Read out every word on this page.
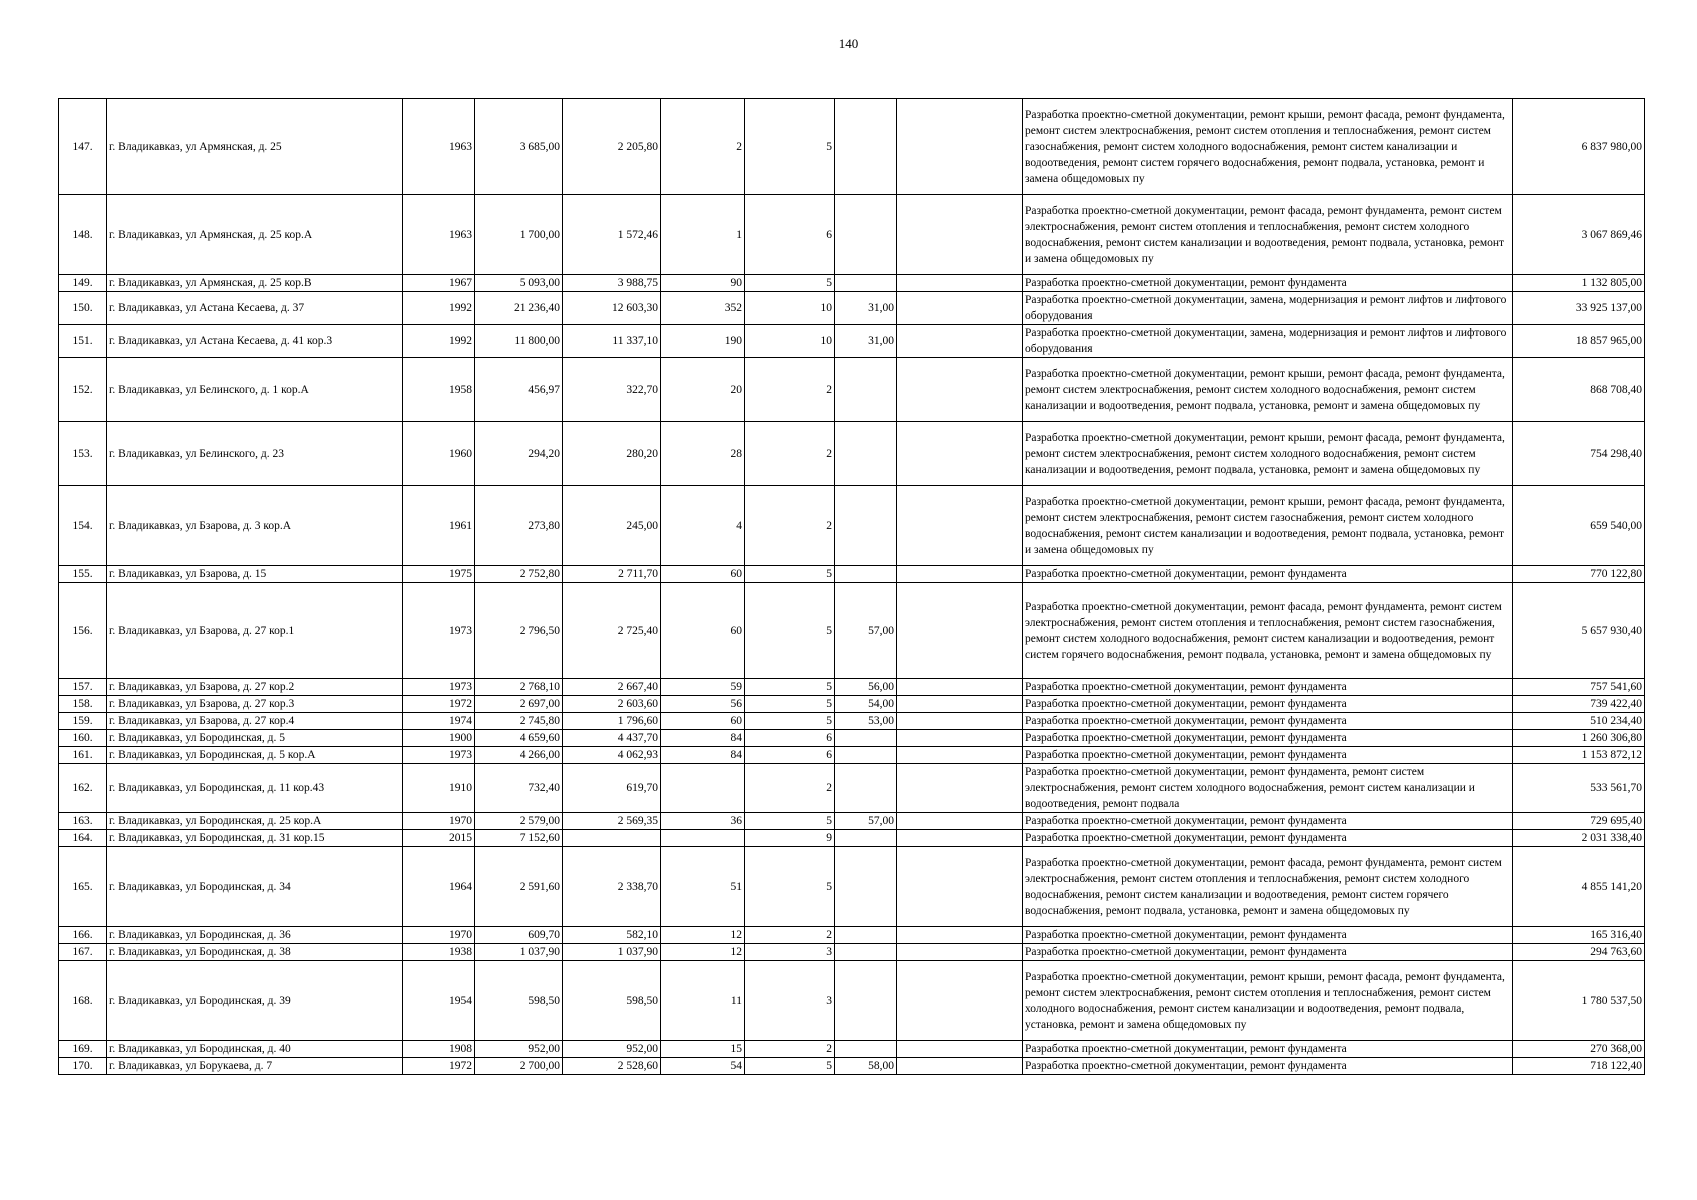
140
147.	г. Владикавказ, ул Армянская, д. 25	1963	3 685,00	2 205,80	2	5			Разработка проектно-сметной документации, ремонт крыши, ремонт фасада, ремонт фундамента, ремонт систем электроснабжения, ремонт систем отопления и теплоснабжения, ремонт систем газоснабжения, ремонт систем холодного водоснабжения, ремонт систем канализации и водоотведения, ремонт систем горячего водоснабжения, ремонт подвала, установка, ремонт и замена общедомовых пу	6 837 980,00
148.	г. Владикавказ, ул Армянская, д. 25 кор.А	1963	1 700,00	1 572,46	1	6			Разработка проектно-сметной документации, ремонт фасада, ремонт фундамента, ремонт систем электроснабжения, ремонт систем отопления и теплоснабжения, ремонт систем холодного водоснабжения, ремонт систем канализации и водоотведения, ремонт подвала, установка, ремонт и замена общедомовых пу	3 067 869,46
149.	г. Владикавказ, ул Армянская, д. 25 кор.В	1967	5 093,00	3 988,75	90	5			Разработка проектно-сметной документации, ремонт фундамента	1 132 805,00
150.	г. Владикавказ, ул Астана Кесаева, д. 37	1992	21 236,40	12 603,30	352	10	31,00		Разработка проектно-сметной документации, замена, модернизация и ремонт лифтов и лифтового оборудования	33 925 137,00
151.	г. Владикавказ, ул Астана Кесаева, д. 41 кор.3	1992	11 800,00	11 337,10	190	10	31,00		Разработка проектно-сметной документации, замена, модернизация и ремонт лифтов и лифтового оборудования	18 857 965,00
152.	г. Владикавказ, ул Белинского, д. 1 кор.А	1958	456,97	322,70	20	2			Разработка проектно-сметной документации, ремонт крыши, ремонт фасада, ремонт фундамента, ремонт систем электроснабжения, ремонт систем холодного водоснабжения, ремонт систем канализации и водоотведения, ремонт подвала, установка, ремонт и замена общедомовых пу	868 708,40
153.	г. Владикавказ, ул Белинского, д. 23	1960	294,20	280,20	28	2			Разработка проектно-сметной документации, ремонт крыши, ремонт фасада, ремонт фундамента, ремонт систем электроснабжения, ремонт систем холодного водоснабжения, ремонт систем канализации и водоотведения, ремонт подвала, установка, ремонт и замена общедомовых пу	754 298,40
154.	г. Владикавказ, ул Бзарова, д. 3 кор.А	1961	273,80	245,00	4	2			Разработка проектно-сметной документации, ремонт крыши, ремонт фасада, ремонт фундамента, ремонт систем электроснабжения, ремонт систем газоснабжения, ремонт систем холодного водоснабжения, ремонт систем канализации и водоотведения, ремонт подвала, установка, ремонт и замена общедомовых пу	659 540,00
155.	г. Владикавказ, ул Бзарова, д. 15	1975	2 752,80	2 711,70	60	5			Разработка проектно-сметной документации, ремонт фундамента	770 122,80
156.	г. Владикавказ, ул Бзарова, д. 27 кор.1	1973	2 796,50	2 725,40	60	5	57,00		Разработка проектно-сметной документации, ремонт фасада, ремонт фундамента, ремонт систем электроснабжения, ремонт систем отопления и теплоснабжения, ремонт систем газоснабжения, ремонт систем холодного водоснабжения, ремонт систем канализации и водоотведения, ремонт систем горячего водоснабжения, ремонт подвала, установка, ремонт и замена общедомовых пу	5 657 930,40
157.	г. Владикавказ, ул Бзарова, д. 27 кор.2	1973	2 768,10	2 667,40	59	5	56,00		Разработка проектно-сметной документации, ремонт фундамента	757 541,60
158.	г. Владикавказ, ул Бзарова, д. 27 кор.3	1972	2 697,00	2 603,60	56	5	54,00		Разработка проектно-сметной документации, ремонт фундамента	739 422,40
159.	г. Владикавказ, ул Бзарова, д. 27 кор.4	1974	2 745,80	1 796,60	60	5	53,00		Разработка проектно-сметной документации, ремонт фундамента	510 234,40
160.	г. Владикавказ, ул Бородинская, д. 5	1900	4 659,60	4 437,70	84	6			Разработка проектно-сметной документации, ремонт фундамента	1 260 306,80
161.	г. Владикавказ, ул Бородинская, д. 5 кор.А	1973	4 266,00	4 062,93	84	6			Разработка проектно-сметной документации, ремонт фундамента	1 153 872,12
162.	г. Владикавказ, ул Бородинская, д. 11 кор.43	1910	732,40	619,70		2			Разработка проектно-сметной документации, ремонт фундамента, ремонт систем электроснабжения, ремонт систем холодного водоснабжения, ремонт систем канализации и водоотведения, ремонт подвала	533 561,70
163.	г. Владикавказ, ул Бородинская, д. 25 кор.А	1970	2 579,00	2 569,35	36	5	57,00		Разработка проектно-сметной документации, ремонт фундамента	729 695,40
164.	г. Владикавказ, ул Бородинская, д. 31 кор.15	2015	7 152,60			9			Разработка проектно-сметной документации, ремонт фундамента	2 031 338,40
165.	г. Владикавказ, ул Бородинская, д. 34	1964	2 591,60	2 338,70	51	5			Разработка проектно-сметной документации, ремонт фасада, ремонт фундамента, ремонт систем электроснабжения, ремонт систем отопления и теплоснабжения, ремонт систем холодного водоснабжения, ремонт систем канализации и водоотведения, ремонт систем горячего водоснабжения, ремонт подвала, установка, ремонт и замена общедомовых пу	4 855 141,20
166.	г. Владикавказ, ул Бородинская, д. 36	1970	609,70	582,10	12	2			Разработка проектно-сметной документации, ремонт фундамента	165 316,40
167.	г. Владикавказ, ул Бородинская, д. 38	1938	1 037,90	1 037,90	12	3			Разработка проектно-сметной документации, ремонт фундамента	294 763,60
168.	г. Владикавказ, ул Бородинская, д. 39	1954	598,50	598,50	11	3			Разработка проектно-сметной документации, ремонт крыши, ремонт фасада, ремонт фундамента, ремонт систем электроснабжения, ремонт систем отопления и теплоснабжения, ремонт систем холодного водоснабжения, ремонт систем канализации и водоотведения, ремонт подвала, установка, ремонт и замена общедомовых пу	1 780 537,50
169.	г. Владикавказ, ул Бородинская, д. 40	1908	952,00	952,00	15	2			Разработка проектно-сметной документации, ремонт фундамента	270 368,00
170.	г. Владикавказ, ул Борукаева, д. 7	1972	2 700,00	2 528,60	54	5	58,00		Разработка проектно-сметной документации, ремонт фундамента	718 122,40
